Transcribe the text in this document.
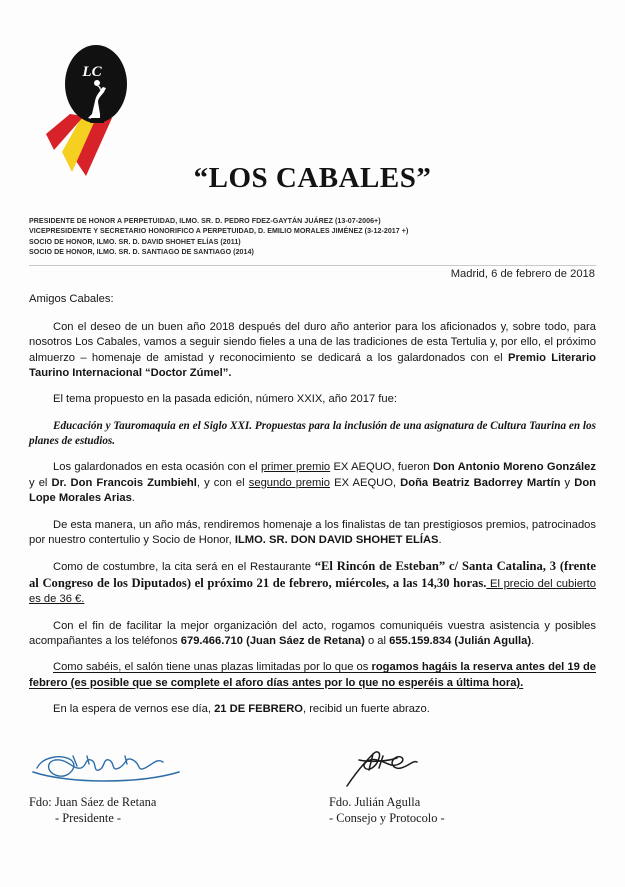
LC
“LOS CABALES”
PRESIDENTE DE HONOR A PERPETUIDAD, ILMO. SR. D. PEDRO FDEZ-GAYTÁN JUÁREZ (13-07-2006+)
VICEPRESIDENTE Y SECRETARIO HONORIFICO A PERPETUIDAD, D. EMILIO MORALES JIMÉNEZ (3-12-2017 +)
SOCIO DE HONOR, ILMO. SR. D. DAVID SHOHET ELÍAS (2011)
SOCIO DE HONOR, ILMO. SR. D. SANTIAGO DE SANTIAGO (2014)
Madrid, 6 de febrero de 2018

Amigos Cabales:

Con el deseo de un buen año 2018 después del duro año anterior para los aficionados y, sobre todo, para nosotros Los Cabales, vamos a seguir siendo fieles a una de las tradiciones de esta Tertulia y, por ello, el próximo almuerzo – homenaje de amistad y reconocimiento se dedicará a los galardonados con el Premio Literario Taurino Internacional “Doctor Zúmel”.

El tema propuesto en la pasada edición, número XXIX, año 2017 fue:

Educación y Tauromaquia en el Siglo XXI. Propuestas para la inclusión de una asignatura de Cultura Taurina en los planes de estudios.

Los galardonados en esta ocasión con el primer premio EX AEQUO, fueron Don Antonio Moreno González y el Dr. Don Francois Zumbiehl, y con el segundo premio EX AEQUO, Doña Beatriz Badorrey Martín y Don Lope Morales Arias.

De esta manera, un año más, rendiremos homenaje a los finalistas de tan prestigiosos premios, patrocinados por nuestro contertulio y Socio de Honor, ILMO. SR. DON DAVID SHOHET ELÍAS.

Como de costumbre, la cita será en el Restaurante “El Rincón de Esteban” c/ Santa Catalina, 3 (frente al Congreso de los Diputados) el próximo 21 de febrero, miércoles, a las 14,30 horas. El precio del cubierto es de 36 €.

Con el fin de facilitar la mejor organización del acto, rogamos comuniquéis vuestra asistencia y posibles acompañantes a los teléfonos 679.466.710 (Juan Sáez de Retana) o al 655.159.834 (Julián Agulla).

Como sabéis, el salón tiene unas plazas limitadas por lo que os rogamos hagáis la reserva antes del 19 de febrero (es posible que se complete el aforo días antes por lo que no esperéis a última hora).

En la espera de vernos ese día, 21 DE FEBRERO, recibid un fuerte abrazo.

Fdo: Juan Sáez de Retana
- Presidente -
Fdo. Julián Agulla
- Consejo y Protocolo -
